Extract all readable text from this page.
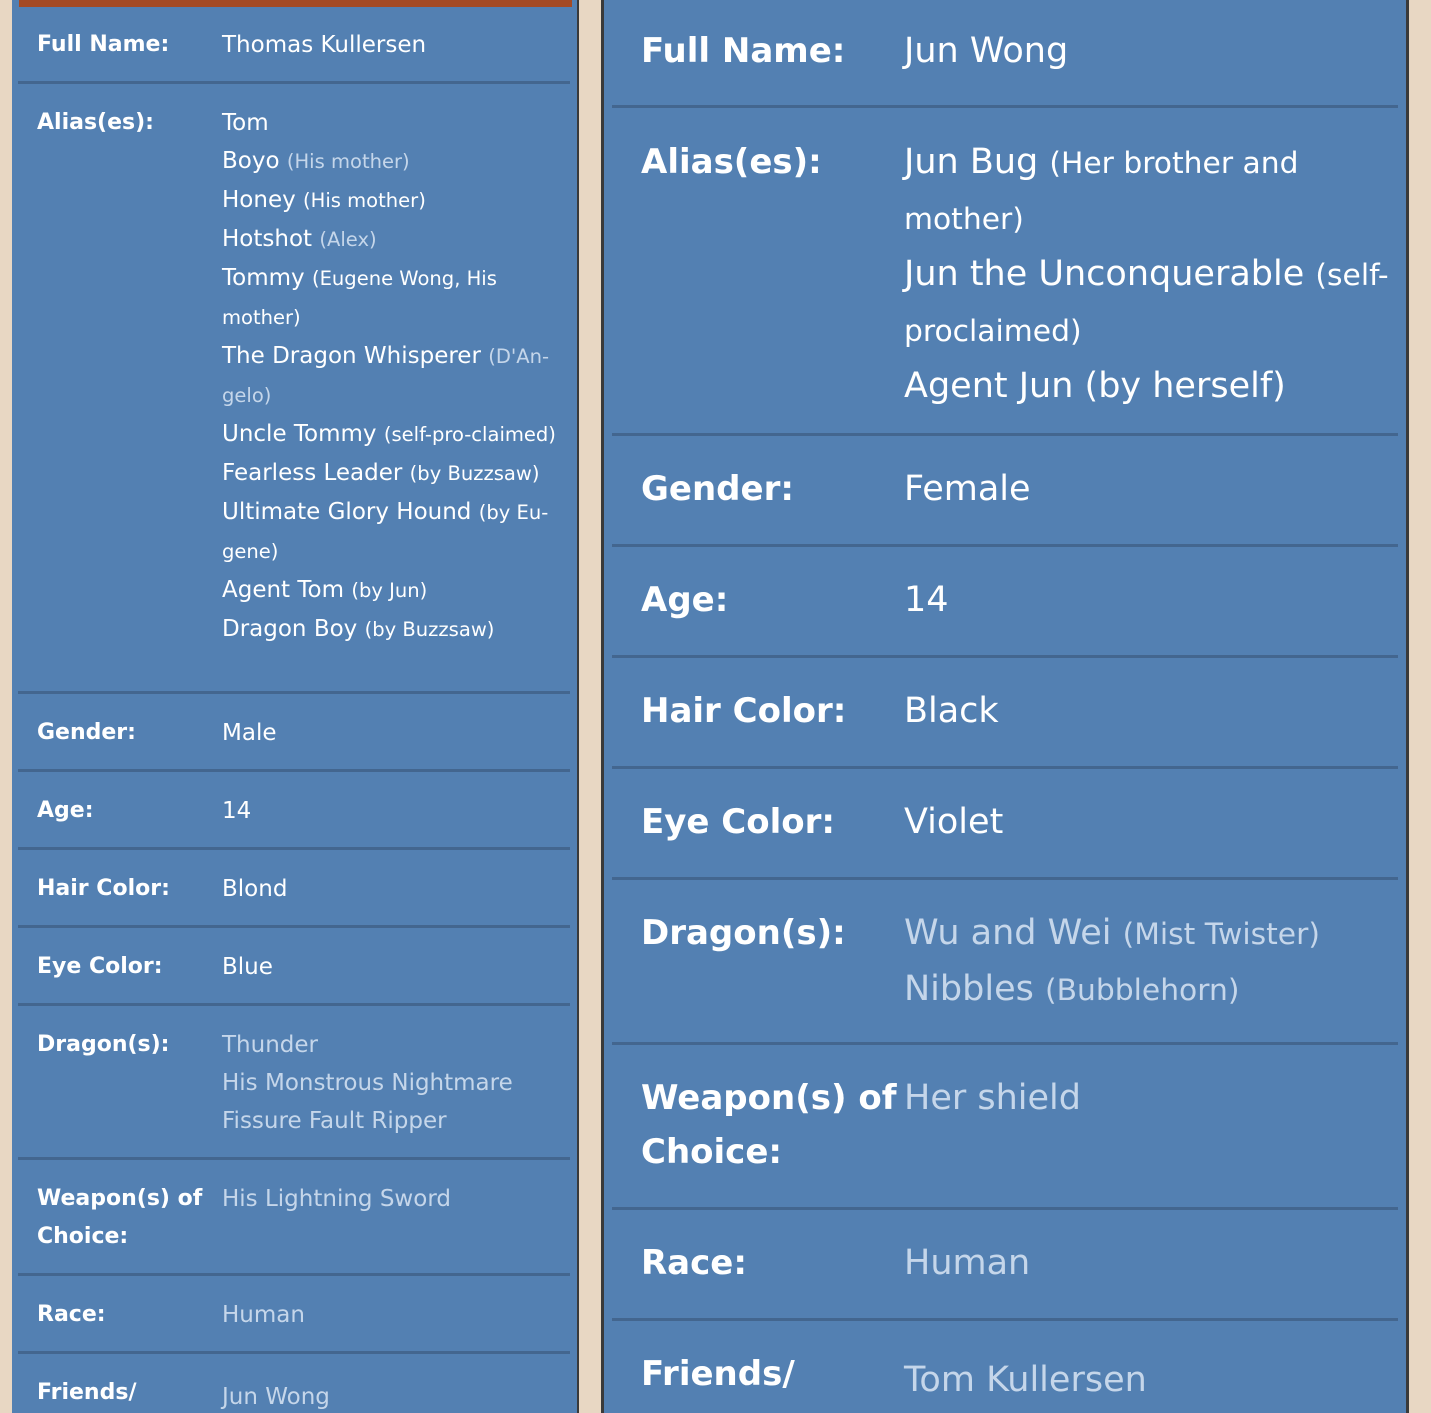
Full Name:	Thomas Kullersen
Alias(es):	Tom
Boyo (His mother)
Honey (His mother)
Hotshot (Alex)
Tommy (Eugene Wong, His mother)
The Dragon Whisperer (D'An-gelo)
Uncle Tommy (self-pro-claimed)
Fearless Leader (by Buzzsaw)
Ultimate Glory Hound (by Eu-gene)
Agent Tom (by Jun)
Dragon Boy (by Buzzsaw)
Gender:	Male
Age:	14
Hair Color:	Blond
Eye Color:	Blue
Dragon(s):	Thunder
His Monstrous Nightmare
Fissure Fault Ripper
Weapon(s) of Choice:
His Lightning Sword
Race:	Human
Friends/	Jun Wong
Full Name:	Jun Wong
Alias(es):	Jun Bug (Her brother and mother)
Jun the Unconquerable (self-proclaimed)
Agent Jun (by herself)
Gender:	Female
Age:	14
Hair Color:	Black
Eye Color:	Violet
Dragon(s):	Wu and Wei (Mist Twister)
Nibbles (Bubblehorn)
Weapon(s) of Choice:
Her shield
Race:	Human
Friends/	Tom Kullersen
